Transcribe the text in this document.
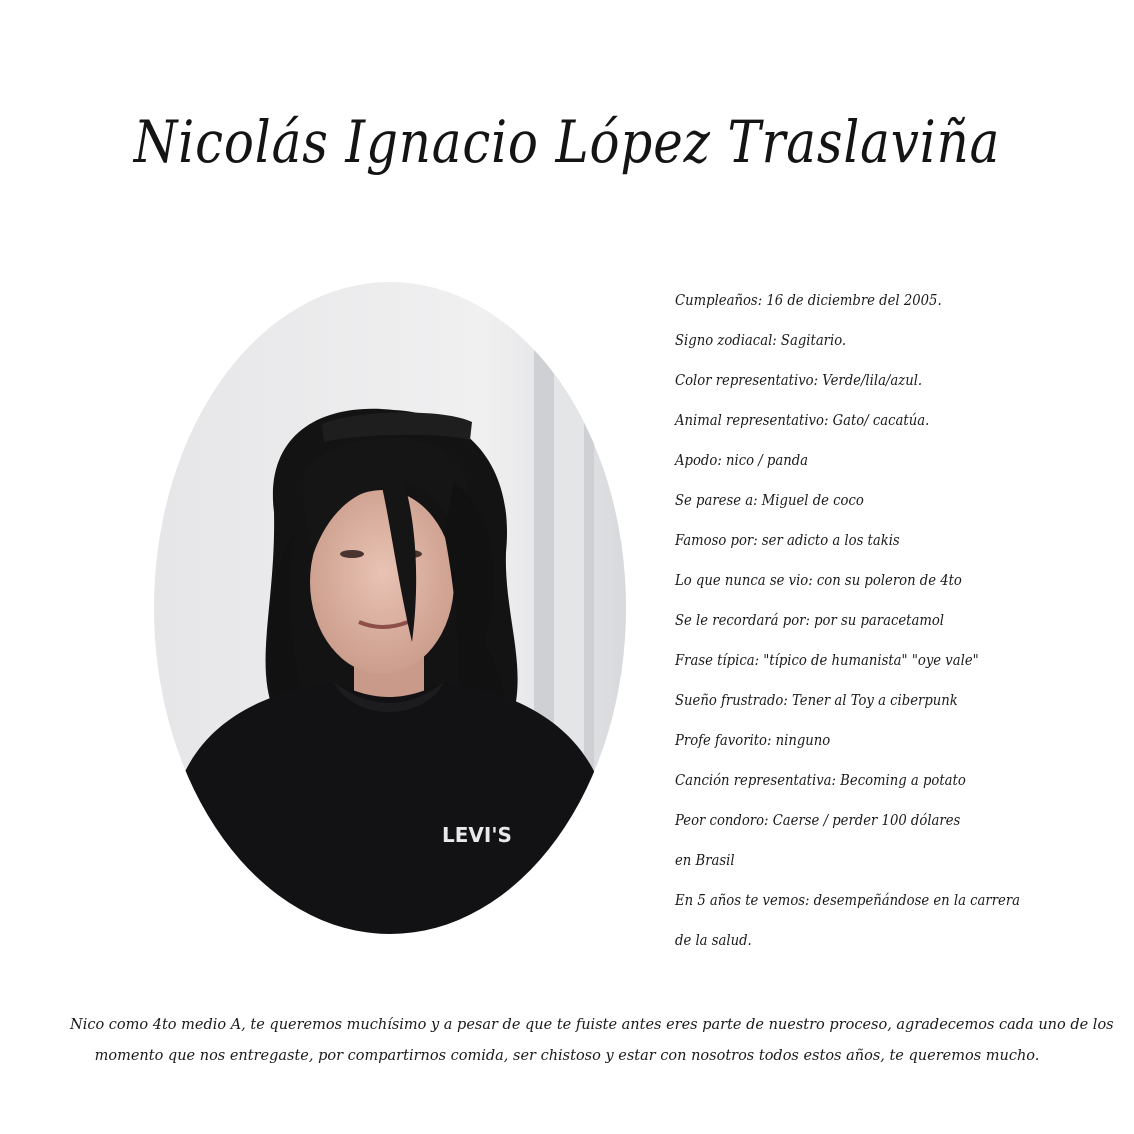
Nicolás Ignacio López Traslaviña
LEVI'S
Cumpleaños: 16 de diciembre del 2005.
Signo zodiacal: Sagitario.
Color representativo: Verde/lila/azul.
Animal representativo: Gato/ cacatúa.
Apodo: nico / panda
Se parese a: Miguel de coco
Famoso por: ser adicto a los takis
Lo que nunca se vio: con su poleron de 4to
Se le recordará por: por su paracetamol
Frase típica: "típico de humanista" "oye vale"
Sueño frustrado: Tener al Toy a ciberpunk
Profe favorito: ninguno
Canción representativa: Becoming a potato
Peor condoro: Caerse / perder 100 dólares
en Brasil
En 5 años te vemos: desempeñándose en la carrera
de la salud.

Nico como 4to medio A, te queremos muchísimo y a pesar de que te fuiste antes eres parte de nuestro proceso, agradecemos cada uno de los
momento que nos entregaste, por compartirnos comida, ser chistoso y estar con nosotros todos estos años, te queremos mucho.
